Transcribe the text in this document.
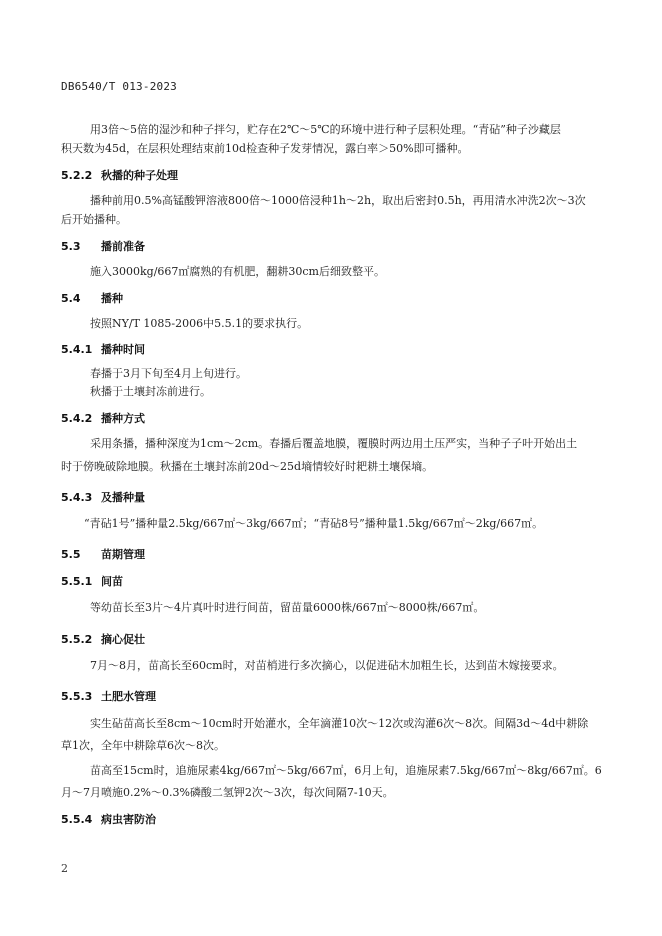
DB6540/T 013-2023
用3倍～5倍的湿沙和种子拌匀，贮存在2℃～5℃的环境中进行种子层积处理。“青砧”种子沙藏层
积天数为45d，在层积处理结束前10d检查种子发芽情况，露白率＞50%即可播种。
5.2.2 秋播的种子处理
播种前用0.5%高锰酸钾溶液800倍～1000倍浸种1h～2h，取出后密封0.5h，再用清水冲洗2次～3次
后开始播种。
5.3 播前准备
施入3000kg/667㎡腐熟的有机肥，翻耕30cm后细致整平。
5.4 播种
按照NY/T 1085-2006中5.5.1的要求执行。
5.4.1 播种时间
春播于3月下旬至4月上旬进行。
秋播于土壤封冻前进行。
5.4.2 播种方式
采用条播，播种深度为1cm～2cm。春播后覆盖地膜，覆膜时两边用土压严实，当种子子叶开始出土
时于傍晚破除地膜。秋播在土壤封冻前20d～25d墒情较好时耙耕土壤保墒。
5.4.3 及播种量
“青砧1号”播种量2.5kg/667㎡～3kg/667㎡；“青砧8号”播种量1.5kg/667㎡～2kg/667㎡。
5.5 苗期管理
5.5.1 间苗
等幼苗长至3片～4片真叶时进行间苗，留苗量6000株/667㎡～8000株/667㎡。
5.5.2 摘心促壮
7月～8月，苗高长至60cm时，对苗梢进行多次摘心，以促进砧木加粗生长，达到苗木嫁接要求。
5.5.3 土肥水管理
实生砧苗高长至8cm～10cm时开始灌水，全年滴灌10次～12次或沟灌6次～8次。间隔3d～4d中耕除
草1次，全年中耕除草6次～8次。
苗高至15cm时，追施尿素4kg/667㎡～5kg/667㎡，6月上旬，追施尿素7.5kg/667㎡～8kg/667㎡。6
月～7月喷施0.2%～0.3%磷酸二氢钾2次～3次，每次间隔7-10天。
5.5.4 病虫害防治
2
